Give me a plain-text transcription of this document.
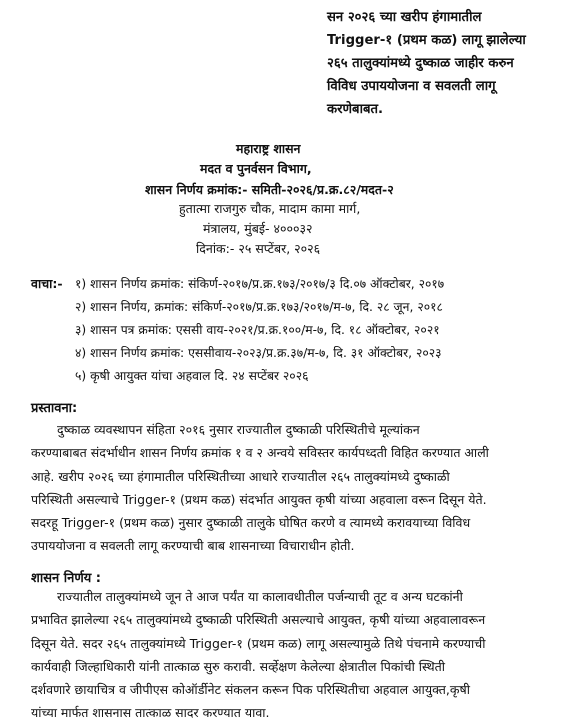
सन २०२६ च्या खरीप हंगामातील
Trigger-१ (प्रथम कळ) लागू झालेल्या
२६५ तालुक्यांमध्ये दुष्काळ जाहीर करुन
विविध उपाययोजना व सवलती लागू
करणेबाबत.
महाराष्ट्र शासन
मदत व पुनर्वसन विभाग,
शासन निर्णय क्रमांक:- समिती-२०२६/प्र.क्र.८२/मदत-२
हुतात्मा राजगुरु चौक, मादाम कामा मार्ग,
मंत्रालय, मुंबई- ४०००३२
दिनांक:- २५ सप्टेंबर, २०२६
वाचा:- १) शासन निर्णय क्रमांक: संकिर्ण-२०१७/प्र.क्र.१७३/२०१७/३ दि.०७ ऑक्टोबर, २०१७
२) शासन निर्णय, क्रमांक: संकिर्ण-२०१७/प्र.क्र.१७३/२०१७/म-७, दि. २८ जून, २०१८
३) शासन पत्र क्रमांक: एससी वाय-२०२१/प्र.क्र.१००/म-७, दि. १८ ऑक्टोबर, २०२१
४) शासन निर्णय क्रमांक: एससीवाय-२०२३/प्र.क्र.३७/म-७, दि. ३१ ऑक्टोबर, २०२३
५) कृषी आयुक्त यांचा अहवाल दि. २४ सप्टेंबर २०२६
प्रस्तावना:
दुष्काळ व्यवस्थापन संहिता २०१६ नुसार राज्यातील दुष्काळी परिस्थितीचे मूल्यांकन
करण्याबाबत संदर्भाधीन शासन निर्णय क्रमांक १ व २ अन्वये सविस्तर कार्यपध्दती विहित करण्यात आली
आहे. खरीप २०२६ च्या हंगामातील परिस्थितीच्या आधारे राज्यातील २६५ तालुक्यांमध्ये दुष्काळी
परिस्थिती असल्याचे Trigger-१ (प्रथम कळ) संदर्भात आयुक्त कृषी यांच्या अहवाला वरून दिसून येते.
सदरहू Trigger-१ (प्रथम कळ) नुसार दुष्काळी तालुके घोषित करणे व त्यामध्ये करावयाच्या विविध
उपाययोजना व सवलती लागू करण्याची बाब शासनाच्या विचाराधीन होती.
शासन निर्णय :
राज्यातील तालुक्यांमध्ये जून ते आज पर्यंत या कालावधीतील पर्जन्याची तूट व अन्य घटकांनी
प्रभावित झालेल्या २६५ तालुक्यांमध्ये दुष्काळी परिस्थिती असल्याचे आयुक्त, कृषी यांच्या अहवालावरून
दिसून येते. सदर २६५ तालुक्यांमध्ये Trigger-१ (प्रथम कळ) लागू असल्यामुळे तिथे पंचनामे करण्याची
कार्यवाही जिल्हाधिकारी यांनी तात्काळ सुरु करावी. सर्व्हेक्षण केलेल्या क्षेत्रातील पिकांची स्थिती
दर्शवणारे छायाचित्र व जीपीएस कोऑर्डीनेट संकलन करून पिक परिस्थितीचा अहवाल आयुक्त,कृषी
यांच्या मार्फत शासनास तात्काळ सादर करण्यात यावा.
